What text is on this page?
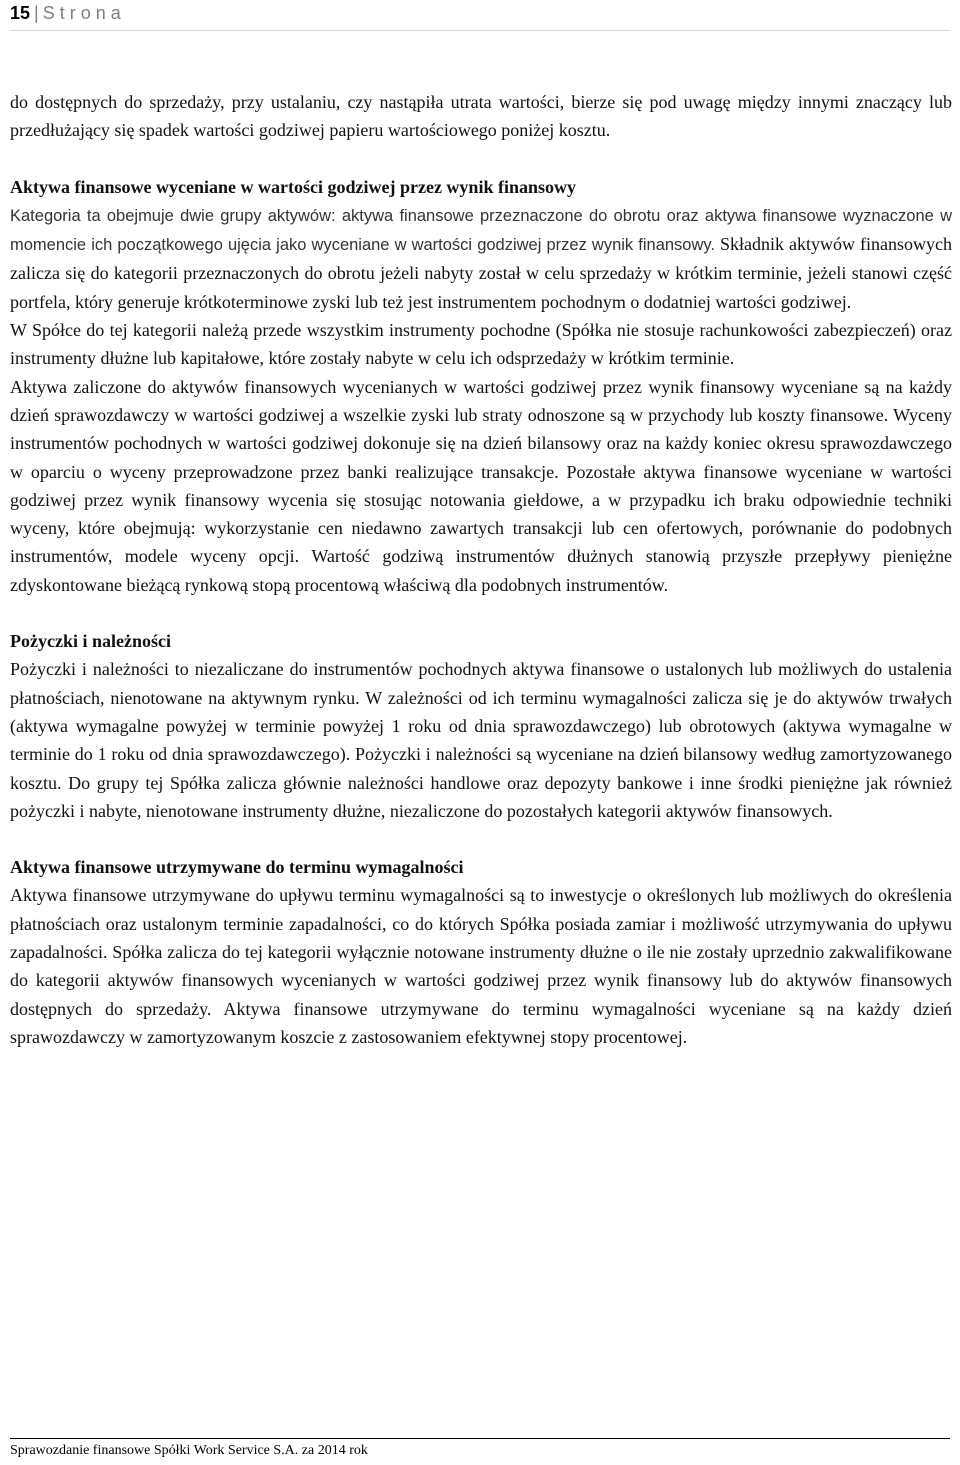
15 | Strona

do dostępnych do sprzedaży, przy ustalaniu, czy nastąpiła utrata wartości, bierze się pod uwagę między innymi znaczący lub przedłużający się spadek wartości godziwej papieru wartościowego poniżej kosztu.

Aktywa finansowe wyceniane w wartości godziwej przez wynik finansowy

Kategoria ta obejmuje dwie grupy aktywów: aktywa finansowe przeznaczone do obrotu oraz aktywa finansowe wyznaczone w momencie ich początkowego ujęcia jako wyceniane w wartości godziwej przez wynik finansowy. Składnik aktywów finansowych zalicza się do kategorii przeznaczonych do obrotu jeżeli nabyty został w celu sprzedaży w krótkim terminie, jeżeli stanowi część portfela, który generuje krótkoterminowe zyski lub też jest instrumentem pochodnym o dodatniej wartości godziwej.

W Spółce do tej kategorii należą przede wszystkim instrumenty pochodne (Spółka nie stosuje rachunkowości zabezpieczeń) oraz instrumenty dłużne lub kapitałowe, które zostały nabyte w celu ich odsprzedaży w krótkim terminie.

Aktywa zaliczone do aktywów finansowych wycenianych w wartości godziwej przez wynik finansowy wyceniane są na każdy dzień sprawozdawczy w wartości godziwej a wszelkie zyski lub straty odnoszone są w przychody lub koszty finansowe. Wyceny instrumentów pochodnych w wartości godziwej dokonuje się na dzień bilansowy oraz na każdy koniec okresu sprawozdawczego w oparciu o wyceny przeprowadzone przez banki realizujące transakcje. Pozostałe aktywa finansowe wyceniane w wartości godziwej przez wynik finansowy wycenia się stosując notowania giełdowe, a w przypadku ich braku odpowiednie techniki wyceny, które obejmują: wykorzystanie cen niedawno zawartych transakcji lub cen ofertowych, porównanie do podobnych instrumentów, modele wyceny opcji. Wartość godziwą instrumentów dłużnych stanowią przyszłe przepływy pieniężne zdyskontowane bieżącą rynkową stopą procentową właściwą dla podobnych instrumentów.

Pożyczki i należności

Pożyczki i należności to niezaliczane do instrumentów pochodnych aktywa finansowe o ustalonych lub możliwych do ustalenia płatnościach, nienotowane na aktywnym rynku. W zależności od ich terminu wymagalności zalicza się je do aktywów trwałych (aktywa wymagalne powyżej w terminie powyżej 1 roku od dnia sprawozdawczego) lub obrotowych (aktywa wymagalne w terminie do 1 roku od dnia sprawozdawczego). Pożyczki i należności są wyceniane na dzień bilansowy według zamortyzowanego kosztu. Do grupy tej Spółka zalicza głównie należności handlowe oraz depozyty bankowe i inne środki pieniężne jak również pożyczki i nabyte, nienotowane instrumenty dłużne, niezaliczone do pozostałych kategorii aktywów finansowych.

Aktywa finansowe utrzymywane do terminu wymagalności

Aktywa finansowe utrzymywane do upływu terminu wymagalności są to inwestycje o określonych lub możliwych do określenia płatnościach oraz ustalonym terminie zapadalności, co do których Spółka posiada zamiar i możliwość utrzymywania do upływu zapadalności. Spółka zalicza do tej kategorii wyłącznie notowane instrumenty dłużne o ile nie zostały uprzednio zakwalifikowane do kategorii aktywów finansowych wycenianych w wartości godziwej przez wynik finansowy lub do aktywów finansowych dostępnych do sprzedaży. Aktywa finansowe utrzymywane do terminu wymagalności wyceniane są na każdy dzień sprawozdawczy w zamortyzowanym koszcie z zastosowaniem efektywnej stopy procentowej.

Sprawozdanie finansowe Spółki Work Service S.A. za 2014 rok
